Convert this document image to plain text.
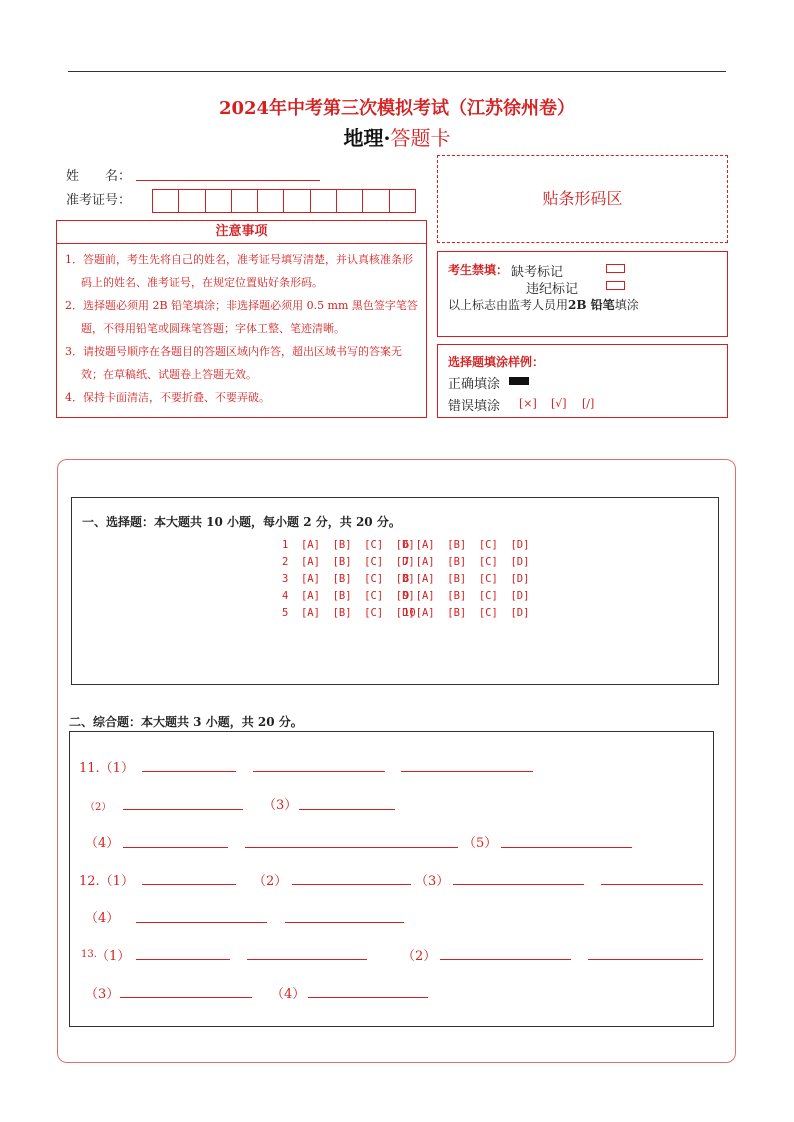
2024年中考第三次模拟考试（江苏徐州卷）
地理·答题卡
姓　　名：
准考证号：	贴条形码区
注意事项
1．答题前，考生先将自己的姓名，准考证号填写清楚，并认真核准条形码上的姓名、准考证号，在规定位置贴好条形码。
2．选择题必须用 2B 铅笔填涂；非选择题必须用 0.5 mm 黑色签字笔答题，不得用铅笔或圆珠笔答题；字体工整、笔迹清晰。
3．请按题号顺序在各题目的答题区域内作答，超出区域书写的答案无效；在草稿纸、试题卷上答题无效。
4．保持卡面清洁，不要折叠、不要弄破。
考生禁填： 缺考标记
违纪标记
以上标志由监考人员用2B 铅笔填涂
选择题填涂样例：
正确填涂
错误填涂 [×] [√] [/]
一、选择题：本大题共 10 小题，每小题 2 分，共 20 分。
1  [A]  [B]  [C]  [D]
2  [A]  [B]  [C]  [D]
3  [A]  [B]  [C]  [D]
4  [A]  [B]  [C]  [D]
5  [A]  [B]  [C]  [D]
6 [A]  [B]  [C]  [D]
7 [A]  [B]  [C]  [D]
8 [A]  [B]  [C]  [D]
9 [A]  [B]  [C]  [D]
10[A]  [B]  [C]  [D]
二、综合题：本大题共 3 小题，共 20 分。
11.（1）
（2）	（3）
（4）	（5）
12.（1）	（2）	（3）
（4）
13. （1）	（2）
（3）	（4）
